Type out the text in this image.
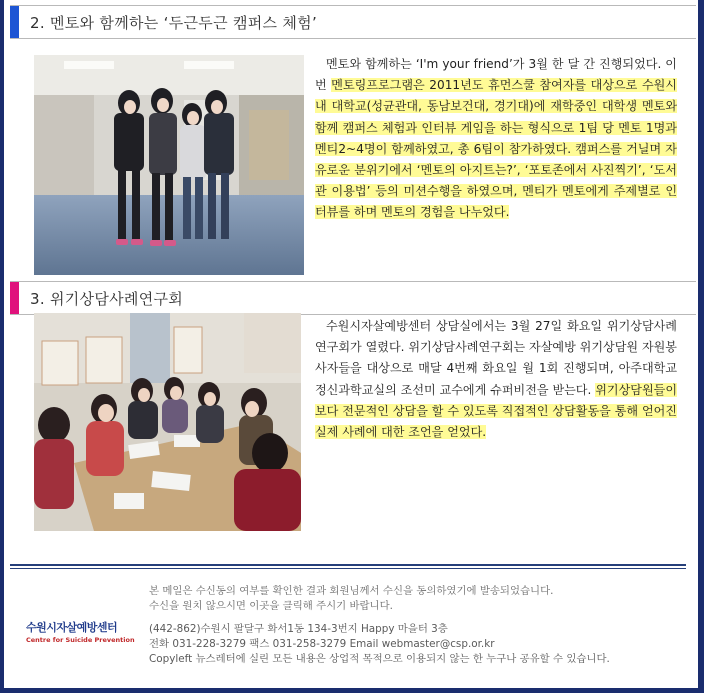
2. 멘토와 함께하는 ‘두근두근 캠퍼스 체험’
멘토와 함께하는 ‘I'm your friend’가 3월 한 달 간 진행되었다. 이번 멘토링프로그램은 2011년도 휴먼스쿨 참여자를 대상으로 수원시내 대학교(성균관대, 동남보건대, 경기대)에 재학중인 대학생 멘토와 함께 캠퍼스 체험과 인터뷰 게임을 하는 형식으로 1팀 당 멘토 1명과 멘티2~4명이 함께하였고, 총 6팀이 참가하였다. 캠퍼스를 거닐며 자유로운 분위기에서 ‘멘토의 아지트는?’, ‘포토존에서 사진찍기’, ‘도서관 이용법’ 등의 미션수행을 하였으며, 멘티가 멘토에게 주제별로 인터뷰를 하며 멘토의 경험을 나누었다.
3. 위기상담사례연구회
수원시자살예방센터 상담실에서는 3월 27일 화요일 위기상담사례연구회가 열렸다. 위기상담사례연구회는 자살예방 위기상담원 자원봉사자들을 대상으로 매달 4번째 화요일 월 1회 진행되며, 아주대학교 정신과학교실의 조선미 교수에게 슈퍼비전을 받는다. 위기상담원들이 보다 전문적인 상담을 할 수 있도록 직접적인 상담활동을 통해 얻어진 실제 사례에 대한 조언을 얻었다.
수원시자살예방센터
Centre for Suicide Prevention
본 메일은 수신동의 여부를 확인한 결과 회원님께서 수신을 동의하였기에 발송되었습니다.
수신을 원치 않으시면 이곳을 클릭해 주시기 바랍니다.
(442-862)수원시 팔달구 화서1동 134-3번지 Happy 마을터 3층
전화 031-228-3279 팩스 031-258-3279 Email webmaster@csp.or.kr
Copyleft 뉴스레터에 실린 모든 내용은 상업적 목적으로 이용되지 않는 한 누구나 공유할 수 있습니다.
